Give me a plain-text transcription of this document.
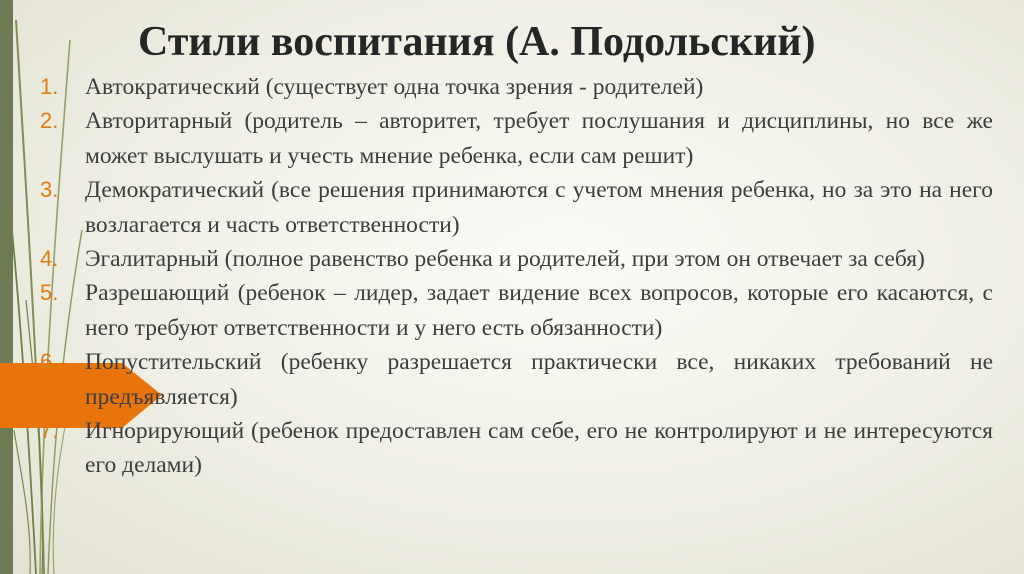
Стили воспитания (А. Подольский)
1.	Автократический (существует одна точка зрения - родителей)
2.	Авторитарный (родитель – авторитет, требует послушания и дисциплины, но все же может выслушать и учесть мнение ребенка, если сам решит)
3.	Демократический (все решения принимаются с учетом мнения ребенка, но за это на него возлагается и часть ответственности)
4.	Эгалитарный (полное равенство ребенка и родителей, при этом он отвечает за себя)
5.	Разрешающий (ребенок – лидер, задает видение всех вопросов, которые его касаются, с него требуют ответственности и у него есть обязанности)
6.	Попустительский (ребенку разрешается практически все, никаких требований не предъявляется)
7.	Игнорирующий (ребенок предоставлен сам себе, его не контролируют и не интересуются его делами)
